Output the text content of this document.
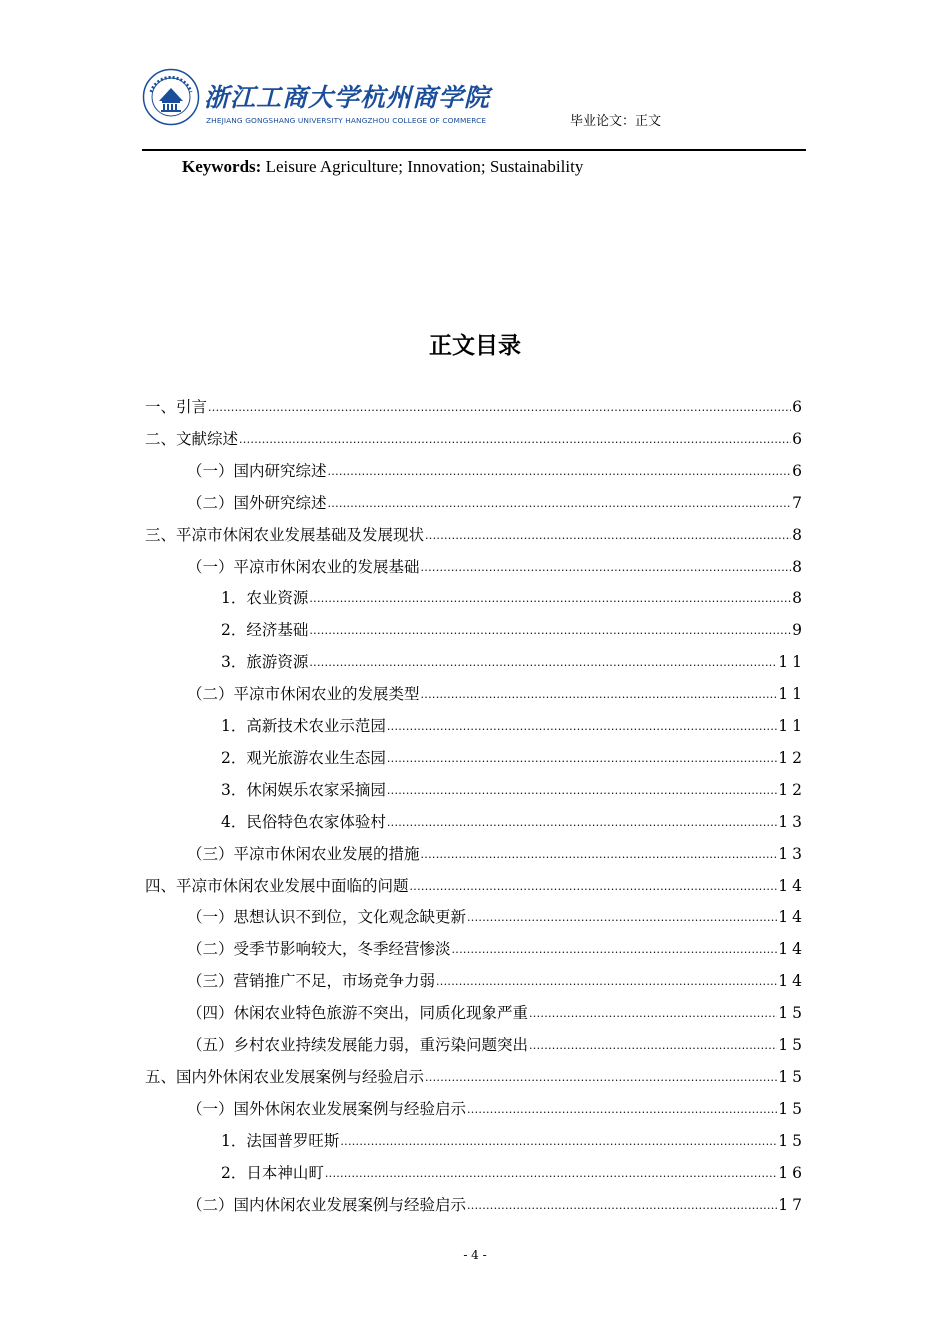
浙江工商大学杭州商学院
ZHEJIANG GONGSHANG UNIVERSITY HANGZHOU COLLEGE OF COMMERCE	毕业论文：正文
Keywords: Leisure Agriculture; Innovation; Sustainability
正文目录
一、引言 .....	6
二、文献综述 .....	6
（一）国内研究综述 .....	6
（二）国外研究综述 .....	7
三、平凉市休闲农业发展基础及发展现状 .....	8
（一）平凉市休闲农业的发展基础 .....	8
1．农业资源 .....	8
2．经济基础 .....	9
3．旅游资源 .....	11
（二）平凉市休闲农业的发展类型 .....	11
1．高新技术农业示范园 .....	11
2．观光旅游农业生态园 .....	12
3．休闲娱乐农家采摘园 .....	12
4．民俗特色农家体验村 .....	13
（三）平凉市休闲农业发展的措施 .....	13
四、平凉市休闲农业发展中面临的问题 .....	14
（一）思想认识不到位，文化观念缺更新 .....	14
（二）受季节影响较大，冬季经营惨淡 .....	14
（三）营销推广不足，市场竞争力弱 .....	14
（四）休闲农业特色旅游不突出，同质化现象严重 .....	15
（五）乡村农业持续发展能力弱，重污染问题突出 .....	15
五、国内外休闲农业发展案例与经验启示 .....	15
（一）国外休闲农业发展案例与经验启示 .....	15
1．法国普罗旺斯 .....	15
2．日本神山町 .....	16
（二）国内休闲农业发展案例与经验启示 .....	17
- 4 -
